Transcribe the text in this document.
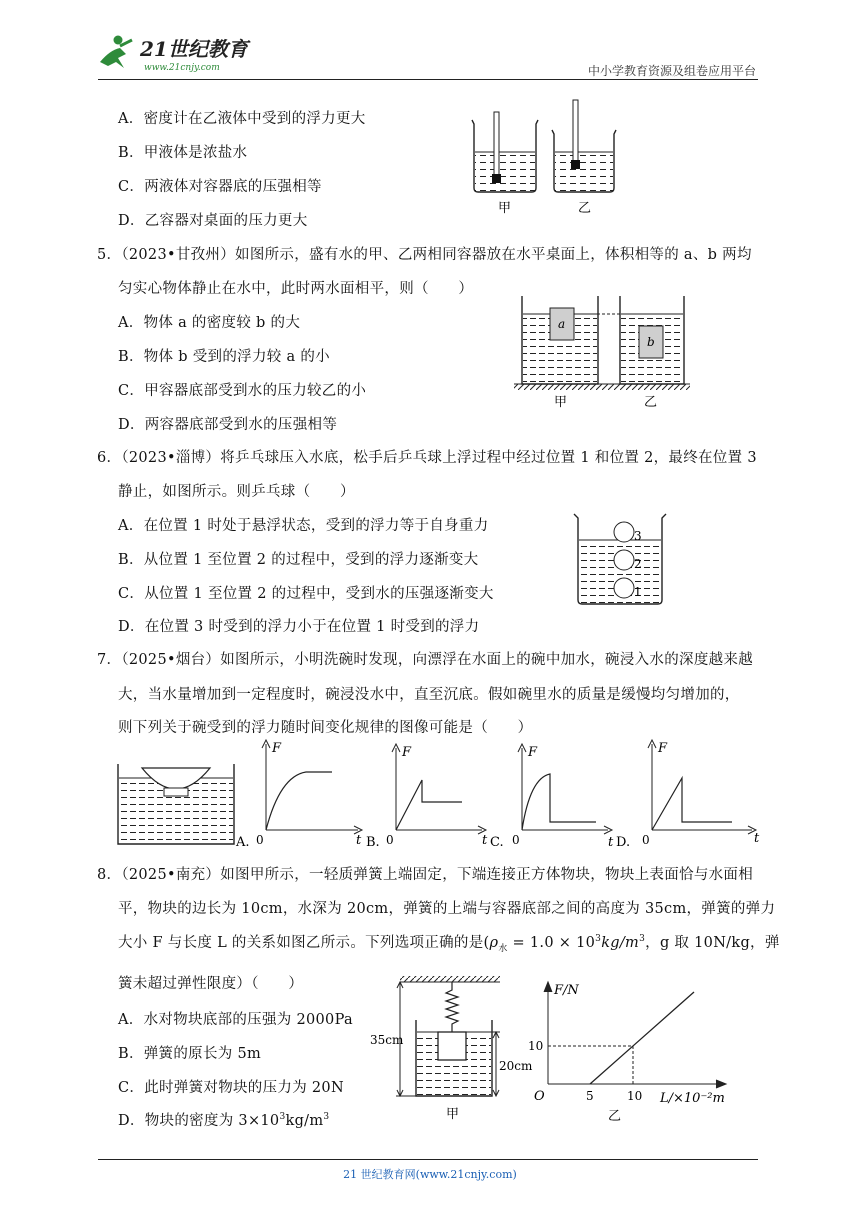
21世纪教育
www.21cnjy.com	中小学教育资源及组卷应用平台
A．密度计在乙液体中受到的浮力更大
B．甲液体是浓盐水
C．两液体对容器底的压强相等
D．乙容器对桌面的压力更大
甲	乙
5．（2023•甘孜州）如图所示，盛有水的甲、乙两相同容器放在水平桌面上，体积相等的 a、b 两均
匀实心物体静止在水中，此时两水面相平，则（　　）
A．物体 a 的密度较 b 的大
B．物体 b 受到的浮力较 a 的小
C．甲容器底部受到水的压力较乙的小
D．两容器底部受到水的压强相等
a
b
甲	乙
6．（2023•淄博）将乒乓球压入水底，松手后乒乓球上浮过程中经过位置 1 和位置 2，最终在位置 3
静止，如图所示。则乒乓球（　　）
A．在位置 1 时处于悬浮状态，受到的浮力等于自身重力
B．从位置 1 至位置 2 的过程中，受到的浮力逐渐变大
C．从位置 1 至位置 2 的过程中，受到水的压强逐渐变大
D．在位置 3 时受到的浮力小于在位置 1 时受到的浮力
3
2
1
7．（2025•烟台）如图所示，小明洗碗时发现，向漂浮在水面上的碗中加水，碗浸入水的深度越来越
大，当水量增加到一定程度时，碗浸没水中，直至沉底。假如碗里水的质量是缓慢均匀增加的，
则下列关于碗受到的浮力随时间变化规律的图像可能是（　　）
A.
F
0	t B.
F
0	t C.
F
0	t D.
F
0	t
8．（2025•南充）如图甲所示，一轻质弹簧上端固定，下端连接正方体物块，物块上表面恰与水面相
平，物块的边长为 10cm，水深为 20cm，弹簧的上端与容器底部之间的高度为 35cm，弹簧的弹力
大小 F 与长度 L 的关系如图乙所示。下列选项正确的是($\rho_水 = 1.0 \times 10^3kg/m^3$，g 取 10N/kg，弹
簧未超过弹性限度）（　　）
A．水对物块底部的压强为 2000Pa
B．弹簧的原长为 5m
C．此时弹簧对物块的压力为 20N
D．物块的密度为 $3\times 10^3kg/m^3$
35cm
20cm
甲
F/N
10
O	5	10 L/×10⁻²m
乙
21 世纪教育网(www.21cnjy.com)
